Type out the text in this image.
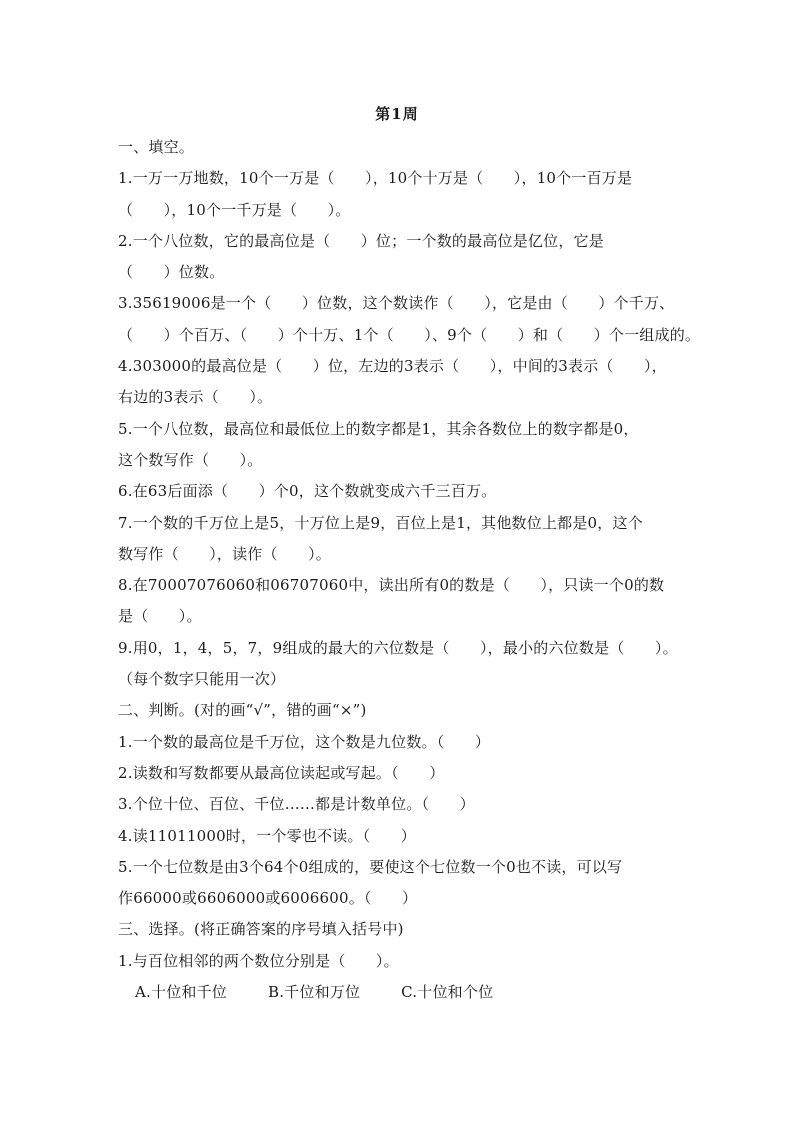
第1周
一、填空。
1.一万一万地数，10个一万是（　　），10个十万是（　　），10个一百万是
（　　），10个一千万是（　　）。
2.一个八位数，它的最高位是（　　）位；一个数的最高位是亿位，它是
（　　）位数。
3.35619006是一个（　　）位数，这个数读作（　　），它是由（　　）个千万、
（　　）个百万、（　　）个十万、1个（　　）、9个（　　）和（　　）个一组成的。
4.303000的最高位是（　　）位，左边的3表示（　　），中间的3表示（　　），
右边的3表示（　　）。
5.一个八位数，最高位和最低位上的数字都是1，其余各数位上的数字都是0，
这个数写作（　　）。
6.在63后面添（　　）个0，这个数就变成六千三百万。
7.一个数的千万位上是5，十万位上是9，百位上是1，其他数位上都是0，这个
数写作（　　），读作（　　）。
8.在70007076060和06707060中，读出所有0的数是（　　），只读一个0的数
是（　　）。
9.用0，1，4，5，7，9组成的最大的六位数是（　　），最小的六位数是（　　）。
（每个数字只能用一次）
二、判断。(对的画“√”，错的画“×”)
1.一个数的最高位是千万位，这个数是九位数。（　　）
2.读数和写数都要从最高位读起或写起。（　　）
3.个位十位、百位、千位……都是计数单位。（　　）
4.读11011000时，一个零也不读。（　　）
5.一个七位数是由3个64个0组成的，要使这个七位数一个0也不读，可以写
作66000或6606000或6006600。（　　）
三、选择。(将正确答案的序号填入括号中)
1.与百位相邻的两个数位分别是（　　）。
A.十位和千位	B.千位和万位	C.十位和个位
